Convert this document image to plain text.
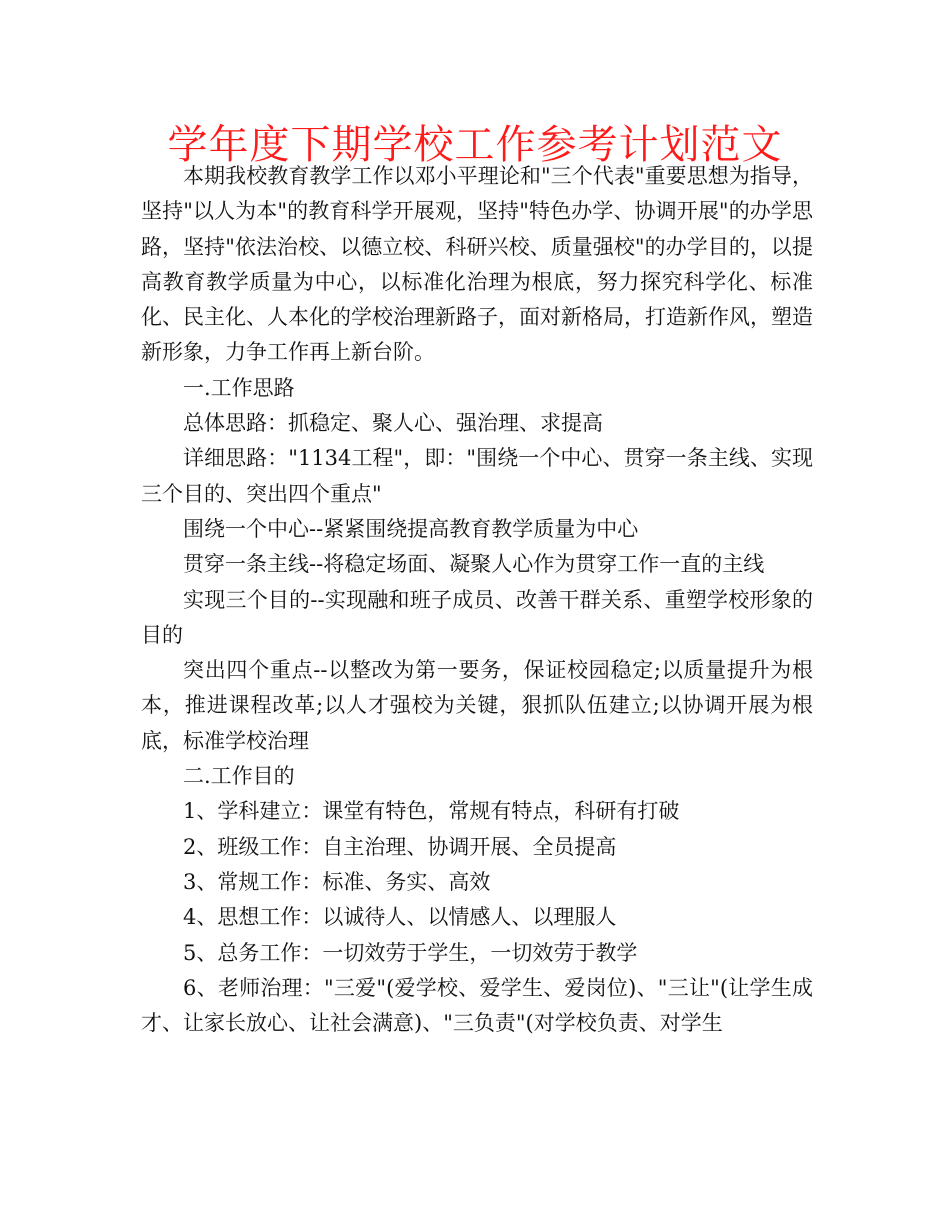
学年度下期学校工作参考计划范文

本期我校教育教学工作以邓小平理论和"三个代表"重要思想为指导，坚持"以人为本"的教育科学开展观，坚持"特色办学、协调开展"的办学思路，坚持"依法治校、以德立校、科研兴校、质量强校"的办学目的，以提高教育教学质量为中心，以标准化治理为根底，努力探究科学化、标准化、民主化、人本化的学校治理新路子，面对新格局，打造新作风，塑造新形象，力争工作再上新台阶。

一.工作思路

总体思路：抓稳定、聚人心、强治理、求提高

详细思路："1134工程"，即："围绕一个中心、贯穿一条主线、实现三个目的、突出四个重点"

围绕一个中心--紧紧围绕提高教育教学质量为中心

贯穿一条主线--将稳定场面、凝聚人心作为贯穿工作一直的主线

实现三个目的--实现融和班子成员、改善干群关系、重塑学校形象的目的

突出四个重点--以整改为第一要务，保证校园稳定;以质量提升为根本，推进课程改革;以人才强校为关键，狠抓队伍建立;以协调开展为根底，标准学校治理

二.工作目的

1、学科建立：课堂有特色，常规有特点，科研有打破

2、班级工作：自主治理、协调开展、全员提高

3、常规工作：标准、务实、高效

4、思想工作：以诚待人、以情感人、以理服人

5、总务工作：一切效劳于学生，一切效劳于教学

6、老师治理："三爱"(爱学校、爱学生、爱岗位)、"三让"(让学生成才、让家长放心、让社会满意)、"三负责"(对学校负责、对学生
